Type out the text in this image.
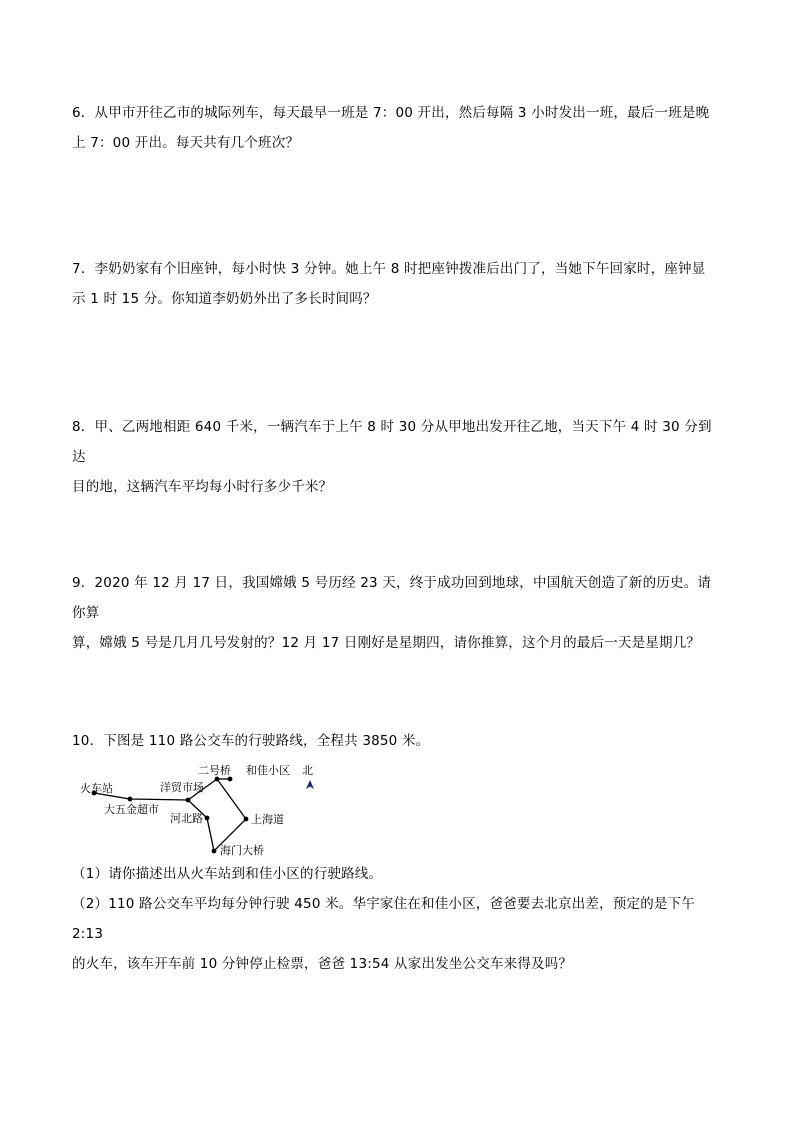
6．从甲市开往乙市的城际列车，每天最早一班是 7：00 开出，然后每隔 3 小时发出一班，最后一班是晚

上 7：00 开出。每天共有几个班次？

7．李奶奶家有个旧座钟，每小时快 3 分钟。她上午 8 时把座钟拨准后出门了，当她下午回家时，座钟显

示 1 时 15 分。你知道李奶奶外出了多长时间吗？

8．甲、乙两地相距 640 千米，一辆汽车于上午 8 时 30 分从甲地出发开往乙地，当天下午 4 时 30 分到达

目的地，这辆汽车平均每小时行多少千米？

9．2020 年 12 月 17 日，我国嫦娥 5 号历经 23 天，终于成功回到地球，中国航天创造了新的历史。请你算

算，嫦娥 5 号是几月几号发射的？12 月 17 日刚好是星期四，请你推算，这个月的最后一天是星期几？

10．下图是 110 路公交车的行驶路线，全程共 3850 米。

火车站
大五金超市
洋贸市场
河北路
二号桥 和佳小区
上海道
海门大桥
北

（1）请你描述出从火车站到和佳小区的行驶路线。

（2）110 路公交车平均每分钟行驶 450 米。华宇家住在和佳小区，爸爸要去北京出差，预定的是下午 2:13

的火车，该车开车前 10 分钟停止检票，爸爸 13:54 从家出发坐公交车来得及吗？
